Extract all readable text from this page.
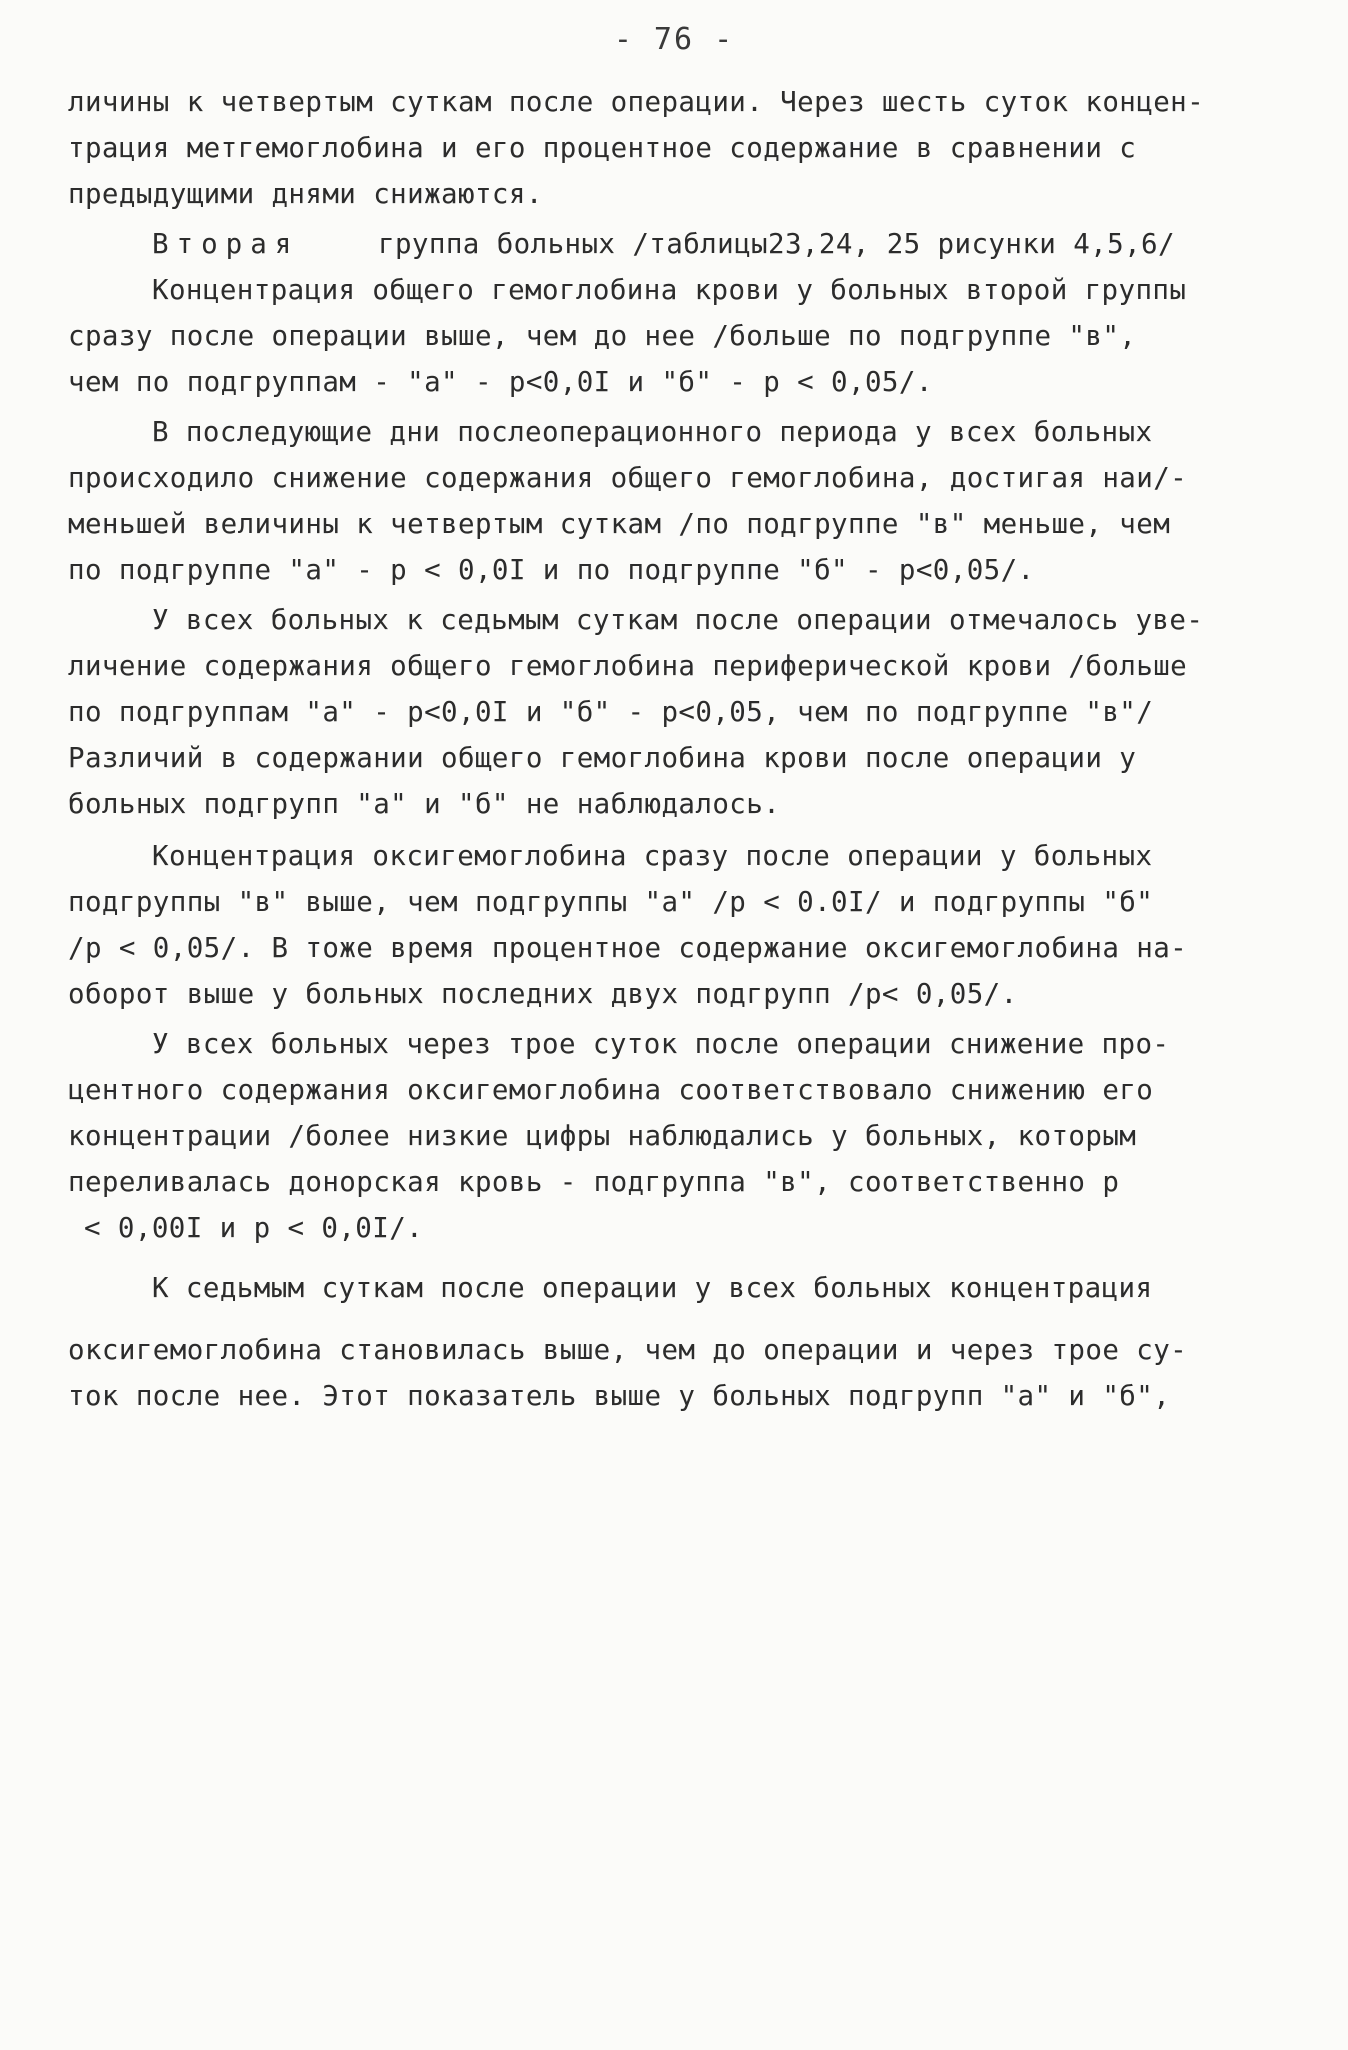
- 76 -
личины к четвертым суткам после операции. Через шесть суток концен-
трация метгемоглобина и его процентное содержание в сравнении с
предыдущими днями снижаются.
Вторая	группа больных /таблицы23,24, 25 рисунки 4,5,6/
Концентрация общего гемоглобина крови у больных второй группы
сразу после операции выше, чем до нее /больше по подгруппе "в",
чем по подгруппам - "а" - р<0,0I и "б" - р < 0,05/.
В последующие дни послеоперационного периода у всех больных
происходило снижение содержания общего гемоглобина, достигая наи/-
меньшей величины к четвертым суткам /по подгруппе "в" меньше, чем
по подгруппе "а" - р < 0,0I и по подгруппе "б" - р<0,05/.
У всех больных к седьмым суткам после операции отмечалось уве-
личение содержания общего гемоглобина периферической крови /больше
по подгруппам "а" - р<0,0I и "б" - р<0,05, чем по подгруппе "в"/
Различий в содержании общего гемоглобина крови после операции у
больных подгрупп "а" и "б" не наблюдалось.
Концентрация оксигемоглобина сразу после операции у больных
подгруппы "в" выше, чем подгруппы "а" /р < 0.0I/ и подгруппы "б"
/р < 0,05/. В тоже время процентное содержание оксигемоглобина на-
оборот выше у больных последних двух подгрупп /р< 0,05/.
У всех больных через трое суток после операции снижение про-
центного содержания оксигемоглобина соответствовало снижению его
концентрации /более низкие цифры наблюдались у больных, которым
переливалась донорская кровь - подгруппа "в", соответственно р
< 0,00I и р < 0,0I/.
К седьмым суткам после операции у всех больных концентрация
оксигемоглобина становилась выше, чем до операции и через трое су-
ток после нее. Этот показатель выше у больных подгрупп "а" и "б",
